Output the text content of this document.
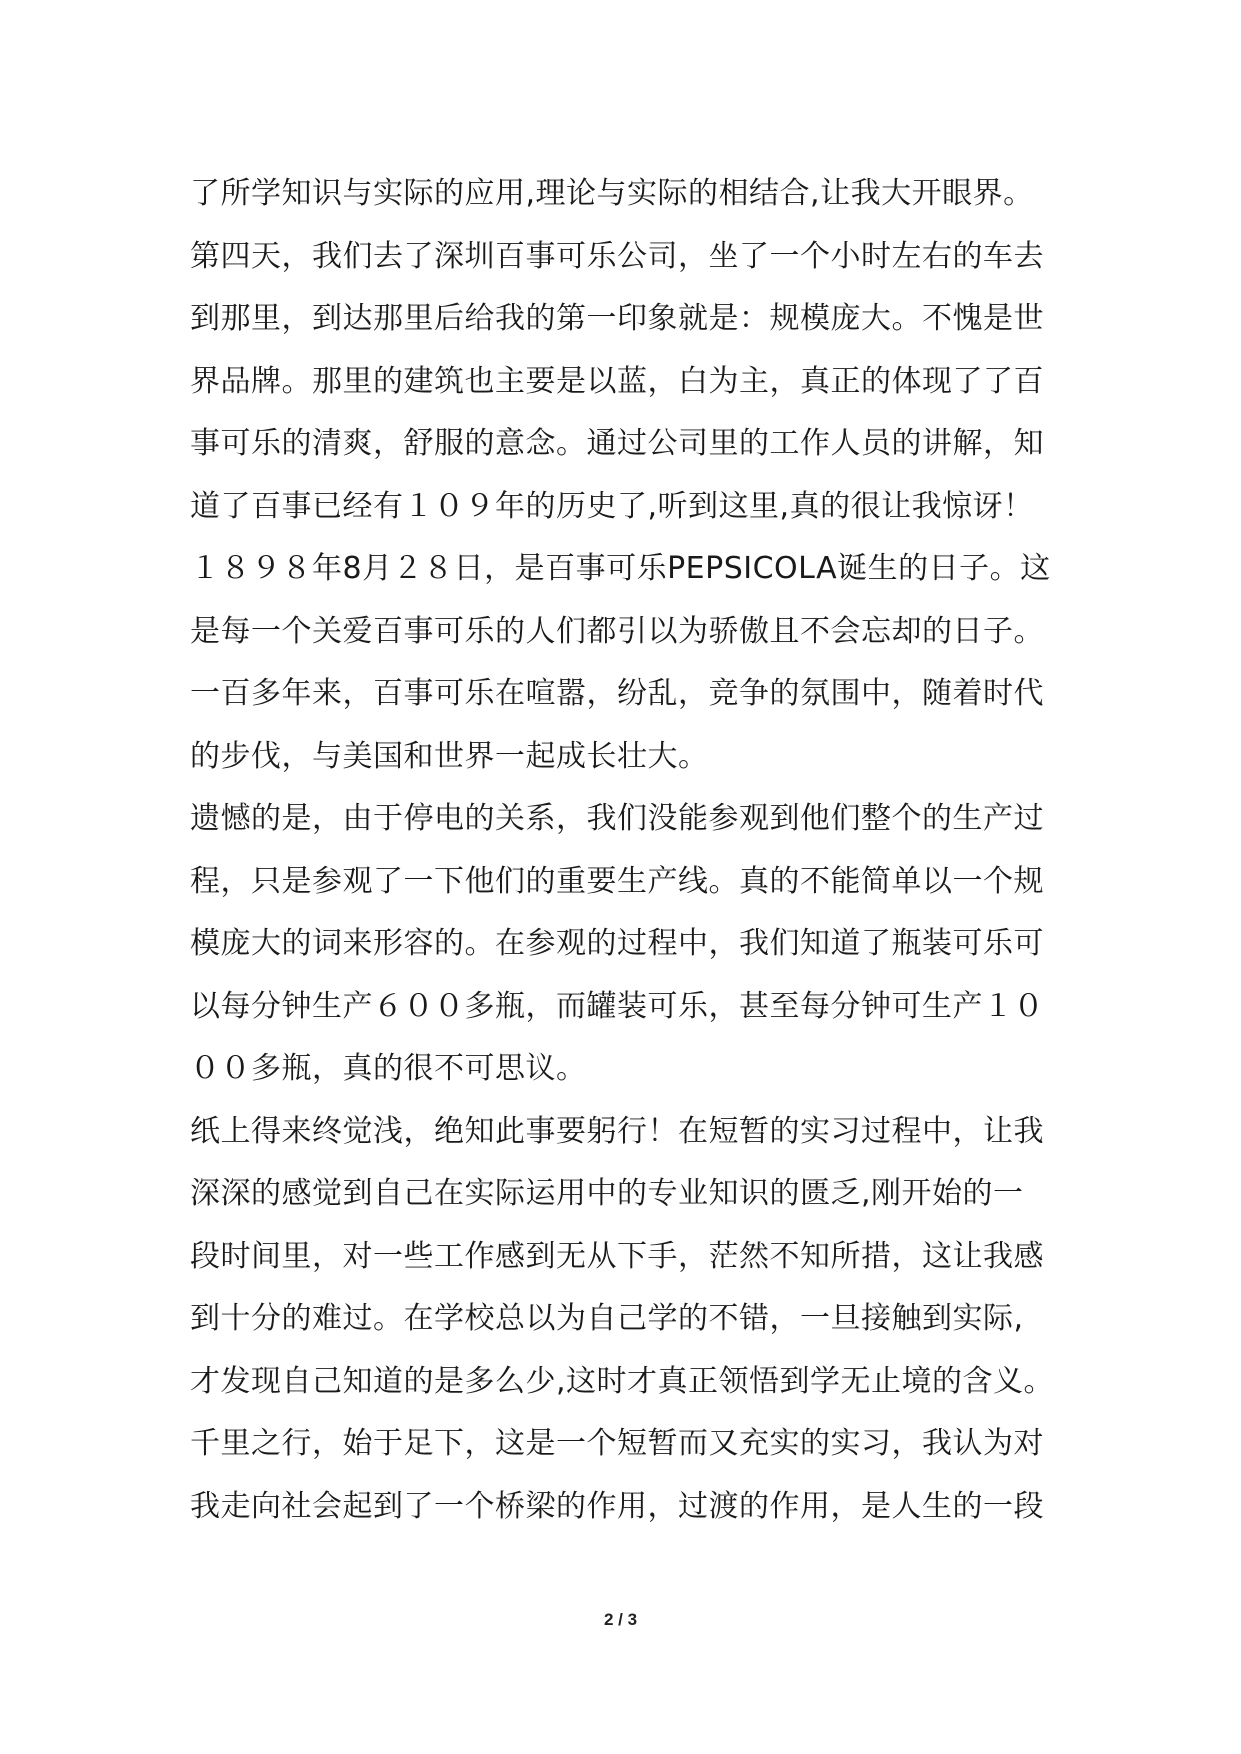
了所学知识与实际的应用,理论与实际的相结合,让我大开眼界。
第四天，我们去了深圳百事可乐公司，坐了一个小时左右的车去
到那里，到达那里后给我的第一印象就是：规模庞大。不愧是世
界品牌。那里的建筑也主要是以蓝，白为主，真正的体现了了百
事可乐的清爽，舒服的意念。通过公司里的工作人员的讲解，知
道了百事已经有１０９年的历史了,听到这里,真的很让我惊讶！
１８９８年8月２８日，是百事可乐PEPSICOLA诞生的日子。这
是每一个关爱百事可乐的人们都引以为骄傲且不会忘却的日子。
一百多年来，百事可乐在喧嚣，纷乱，竞争的氛围中，随着时代
的步伐，与美国和世界一起成长壮大。
遗憾的是，由于停电的关系，我们没能参观到他们整个的生产过
程，只是参观了一下他们的重要生产线。真的不能简单以一个规
模庞大的词来形容的。在参观的过程中，我们知道了瓶装可乐可
以每分钟生产６００多瓶，而罐装可乐，甚至每分钟可生产１０
００多瓶，真的很不可思议。
纸上得来终觉浅，绝知此事要躬行！在短暂的实习过程中，让我
深深的感觉到自己在实际运用中的专业知识的匮乏,刚开始的一
段时间里，对一些工作感到无从下手，茫然不知所措，这让我感
到十分的难过。在学校总以为自己学的不错，一旦接触到实际,
才发现自己知道的是多么少,这时才真正领悟到学无止境的含义。
千里之行，始于足下，这是一个短暂而又充实的实习，我认为对
我走向社会起到了一个桥梁的作用，过渡的作用，是人生的一段
2 / 3
